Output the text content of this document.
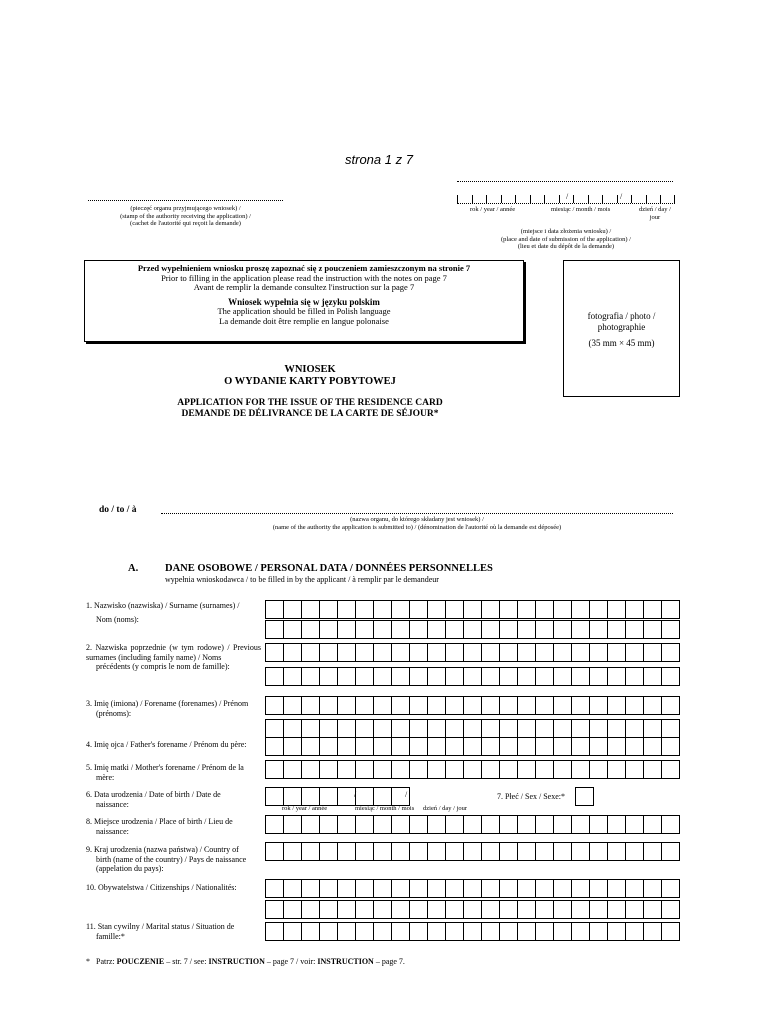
strona 1 z 7
(pieczęć organu przyjmującego wniosek) /
(stamp of the authority receiving the application) /
(cachet de l'autorité qui reçoit la demande)
/	/
rok / year / année	miesiąc / month / mois	dzień / day / jour
(miejsce i data złożenia wniosku) /
(place and date of submission of the application) /
(lieu et date du dépôt de la demande)
Przed wypełnieniem wniosku proszę zapoznać się z pouczeniem zamieszczonym na stronie 7
Prior to filling in the application please read the instruction with the notes on page 7
Avant de remplir la demande consultez l'instruction sur la page 7
Wniosek wypełnia się w języku polskim
The application should be filled in Polish language
La demande doit être remplie en langue polonaise	fotografia / photo /
photographie
(35 mm × 45 mm)
WNIOSEK
O WYDANIE KARTY POBYTOWEJ
APPLICATION FOR THE ISSUE OF THE RESIDENCE CARD
DEMANDE DE DÉLIVRANCE DE LA CARTE DE SÉJOUR*
do / to / à
(nazwa organu, do którego składany jest wniosek) /
(name of the authority the application is submitted to) / (dénomination de l'autorité où la demande est déposée)
A.	DANE OSOBOWE / PERSONAL DATA / DONNÉES PERSONNELLES
wypełnia wnioskodawca / to be filled in by the applicant / à remplir par le demandeur
1. Nazwisko (nazwiska) / Surname (surnames) /
Nom (noms):
2. Nazwiska poprzednie (w tym rodowe) / Previous surnames (including family name) / Noms
précédents (y compris le nom de famille):
3. Imię (imiona) / Forename (forenames) / Prénom
(prénoms):
4. Imię ojca / Father's forename / Prénom du père:
5. Imię matki / Mother's forename / Prénom de la
mère:
6. Data urodzenia / Date of birth / Date de
naissance:
/	/
rok / year / année	miesiąc / month / mois dzień / day / jour
7. Płeć / Sex / Sexe:*
8. Miejsce urodzenia / Place of birth / Lieu de
naissance:
9. Kraj urodzenia (nazwa państwa) / Country of
birth (name of the country) / Pays de naissance
(appelation du pays):
10. Obywatelstwa / Citizenships / Nationalités:
11. Stan cywilny / Marital status / Situation de
famille:*
* Patrz: POUCZENIE – str. 7 / see: INSTRUCTION – page 7 / voir: INSTRUCTION – page 7.
